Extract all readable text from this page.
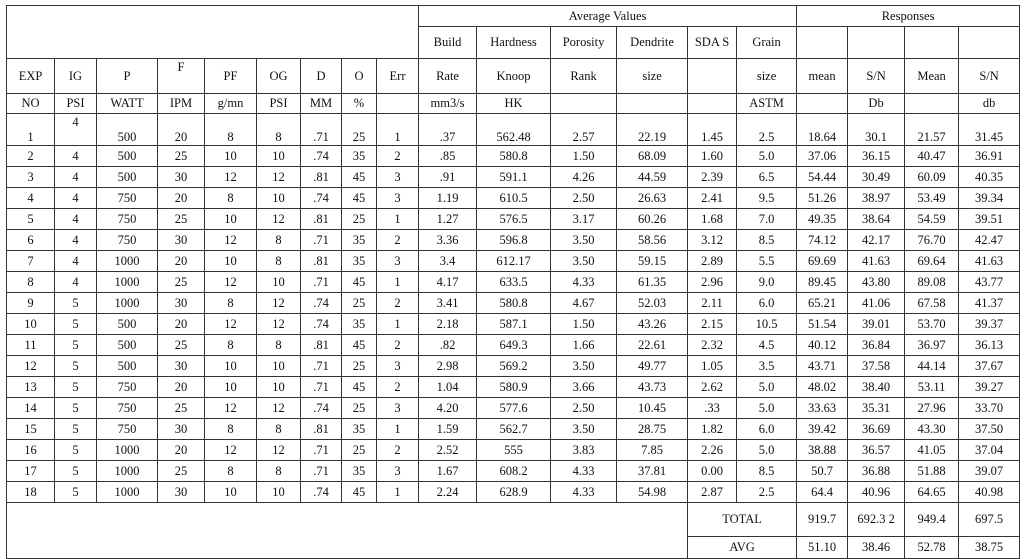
									Average Values						Responses			
									Build	Hardness	Porosity	Dendrite	SDA S	Grain				
EXP	IG	P	F	PF	OG	D	O	Err	Rate	Knoop	Rank	size		size	mean	S/N	Mean	S/N
NO	PSI	WATT	IPM	g/mn	PSI	MM	%		mm3/s	HK				ASTM		Db		db
1	4	500	20	8	8	.71	25	1	.37	562.48	2.57	22.19	1.45	2.5	18.64	30.1	21.57	31.45
2	4	500	25	10	10	.74	35	2	.85	580.8	1.50	68.09	1.60	5.0	37.06	36.15	40.47	36.91
3	4	500	30	12	12	.81	45	3	.91	591.1	4.26	44.59	2.39	6.5	54.44	30.49	60.09	40.35
4	4	750	20	8	10	.74	45	3	1.19	610.5	2.50	26.63	2.41	9.5	51.26	38.97	53.49	39.34
5	4	750	25	10	12	.81	25	1	1.27	576.5	3.17	60.26	1.68	7.0	49.35	38.64	54.59	39.51
6	4	750	30	12	8	.71	35	2	3.36	596.8	3.50	58.56	3.12	8.5	74.12	42.17	76.70	42.47
7	4	1000	20	10	8	.81	35	3	3.4	612.17	3.50	59.15	2.89	5.5	69.69	41.63	69.64	41.63
8	4	1000	25	12	10	.71	45	1	4.17	633.5	4.33	61.35	2.96	9.0	89.45	43.80	89.08	43.77
9	5	1000	30	8	12	.74	25	2	3.41	580.8	4.67	52.03	2.11	6.0	65.21	41.06	67.58	41.37
10	5	500	20	12	12	.74	35	1	2.18	587.1	1.50	43.26	2.15	10.5	51.54	39.01	53.70	39.37
11	5	500	25	8	8	.81	45	2	.82	649.3	1.66	22.61	2.32	4.5	40.12	36.84	36.97	36.13
12	5	500	30	10	10	.71	25	3	2.98	569.2	3.50	49.77	1.05	3.5	43.71	37.58	44.14	37.67
13	5	750	20	10	10	.71	45	2	1.04	580.9	3.66	43.73	2.62	5.0	48.02	38.40	53.11	39.27
14	5	750	25	12	12	.74	25	3	4.20	577.6	2.50	10.45	.33	5.0	33.63	35.31	27.96	33.70
15	5	750	30	8	8	.81	35	1	1.59	562.7	3.50	28.75	1.82	6.0	39.42	36.69	43.30	37.50
16	5	1000	20	12	12	.71	25	2	2.52	555	3.83	7.85	2.26	5.0	38.88	36.57	41.05	37.04
17	5	1000	25	8	8	.71	35	3	1.67	608.2	4.33	37.81	0.00	8.5	50.7	36.88	51.88	39.07
18	5	1000	30	10	10	.74	45	1	2.24	628.9	4.33	54.98	2.87	2.5	64.4	40.96	64.65	40.98
													TOTAL		919.7	692.3 2	949.4	697.5
													AVG		51.10	38.46	52.78	38.75
